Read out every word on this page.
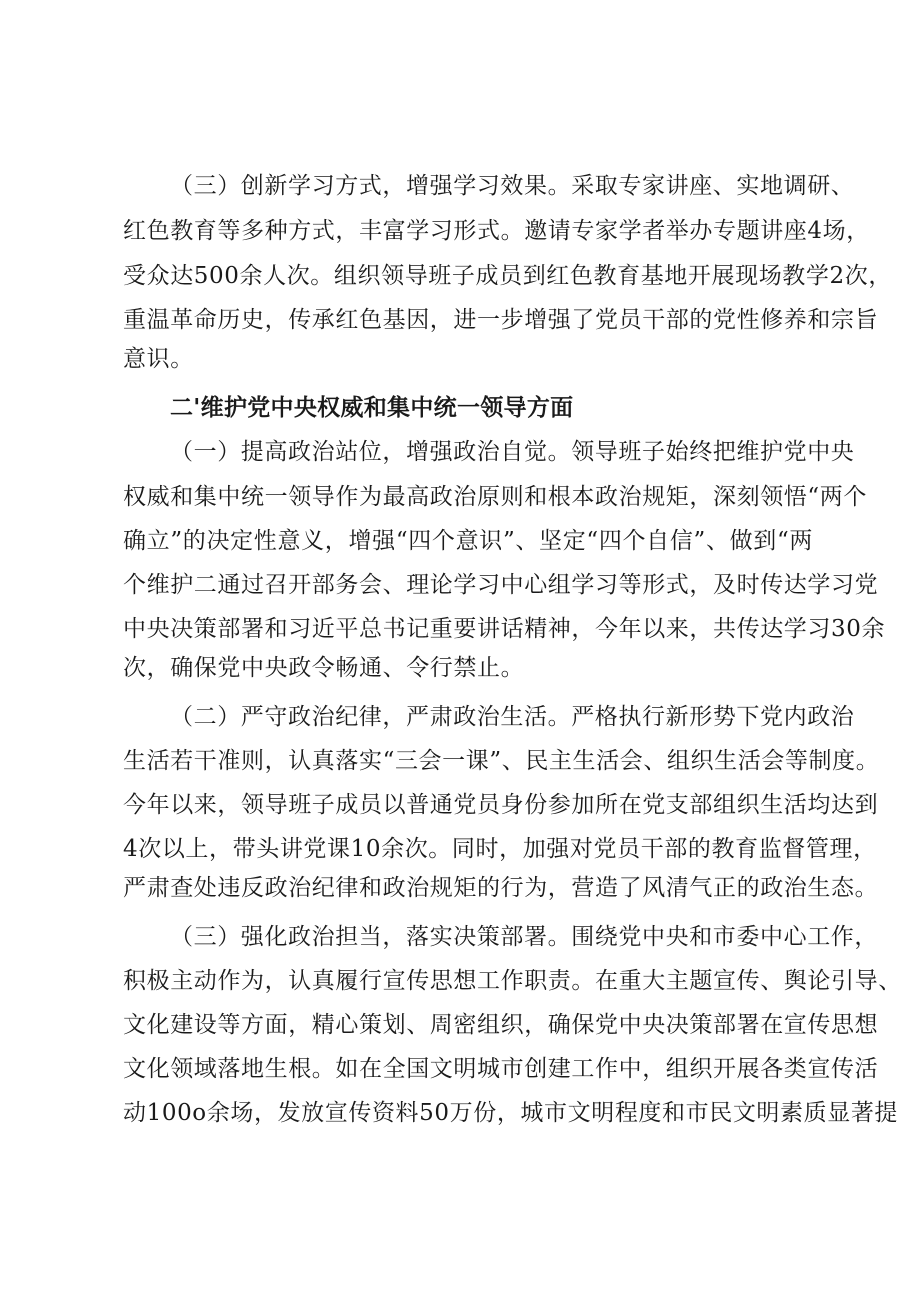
（三）创新学习方式，增强学习效果。采取专家讲座、实地调研、
红色教育等多种方式，丰富学习形式。邀请专家学者举办专题讲座4场，
受众达500余人次。组织领导班子成员到红色教育基地开展现场教学2次，
重温革命历史，传承红色基因，进一步增强了党员干部的党性修养和宗旨
意识。
二'维护党中央权威和集中统一领导方面
（一）提高政治站位，增强政治自觉。领导班子始终把维护党中央
权威和集中统一领导作为最高政治原则和根本政治规矩，深刻领悟“两个
确立”的决定性意义，增强“四个意识”、坚定“四个自信”、做到“两
个维护二通过召开部务会、理论学习中心组学习等形式，及时传达学习党
中央决策部署和习近平总书记重要讲话精神，今年以来，共传达学习30余
次，确保党中央政令畅通、令行禁止。
（二）严守政治纪律，严肃政治生活。严格执行新形势下党内政治
生活若干准则，认真落实“三会一课”、民主生活会、组织生活会等制度。
今年以来，领导班子成员以普通党员身份参加所在党支部组织生活均达到
4次以上，带头讲党课10余次。同时，加强对党员干部的教育监督管理，
严肃查处违反政治纪律和政治规矩的行为，营造了风清气正的政治生态。
（三）强化政治担当，落实决策部署。围绕党中央和市委中心工作，
积极主动作为，认真履行宣传思想工作职责。在重大主题宣传、舆论引导、
文化建设等方面，精心策划、周密组织，确保党中央决策部署在宣传思想
文化领域落地生根。如在全国文明城市创建工作中，组织开展各类宣传活
动100o余场，发放宣传资料50万份，城市文明程度和市民文明素质显著提
